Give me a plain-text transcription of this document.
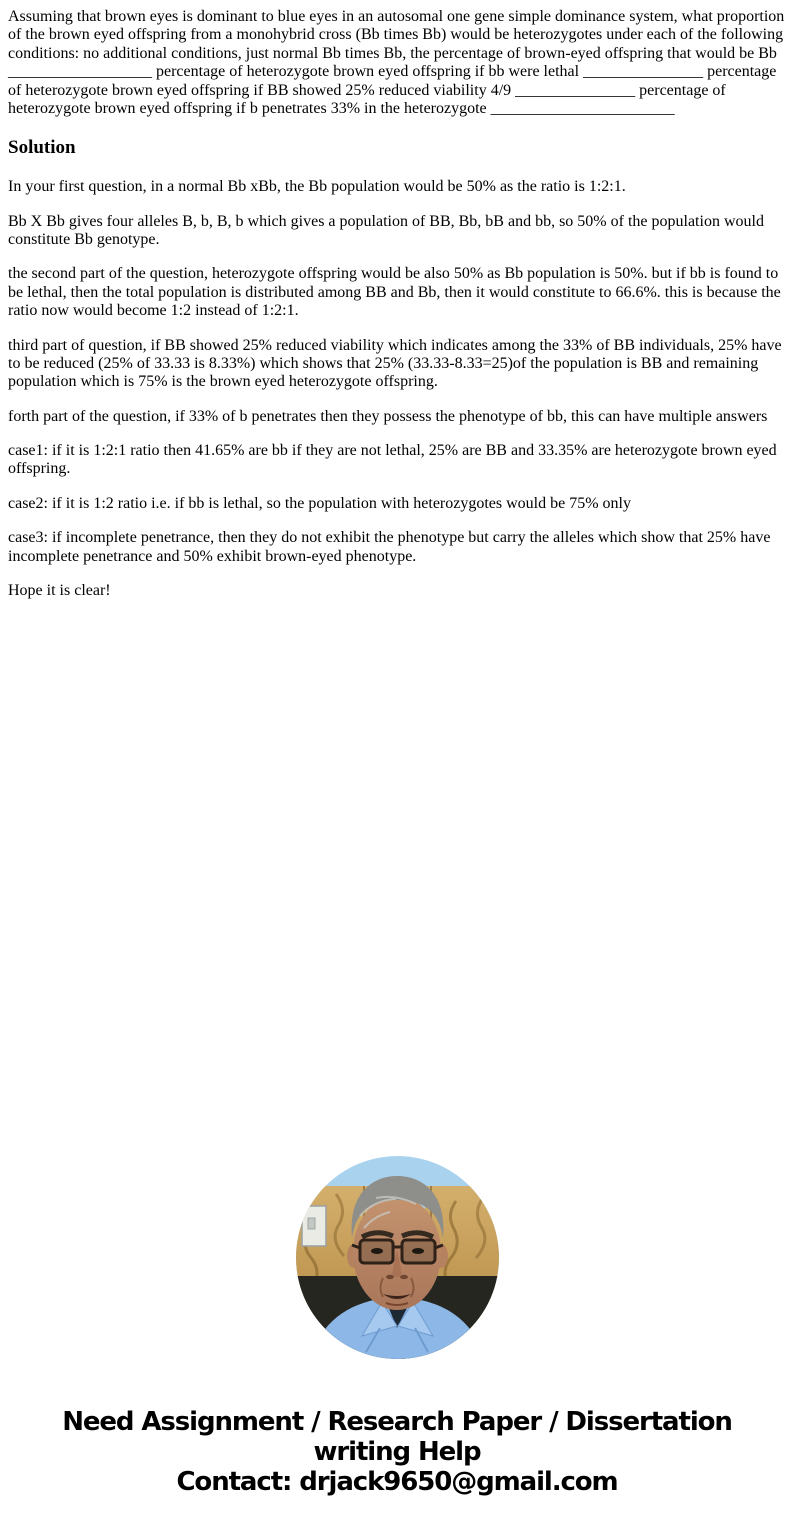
Assuming that brown eyes is dominant to blue eyes in an autosomal one gene simple dominance system, what proportion of the brown eyed offspring from a monohybrid cross (Bb times Bb) would be heterozygotes under each of the following conditions: no additional conditions, just normal Bb times Bb, the percentage of brown-eyed offspring that would be Bb __________________ percentage of heterozygote brown eyed offspring if bb were lethal _______________ percentage of heterozygote brown eyed offspring if BB showed 25% reduced viability 4/9 _______________ percentage of heterozygote brown eyed offspring if b penetrates 33% in the heterozygote _______________________

Solution

In your first question, in a normal Bb xBb, the Bb population would be 50% as the ratio is 1:2:1.

Bb X Bb gives four alleles B, b, B, b which gives a population of BB, Bb, bB and bb, so 50% of the population would constitute Bb genotype.

the second part of the question, heterozygote offspring would be also 50% as Bb population is 50%. but if bb is found to be lethal, then the total population is distributed among BB and Bb, then it would constitute to 66.6%. this is because the ratio now would become 1:2 instead of 1:2:1.

third part of question, if BB showed 25% reduced viability which indicates among the 33% of BB individuals, 25% have to be reduced (25% of 33.33 is 8.33%) which shows that 25% (33.33-8.33=25)of the population is BB and remaining population which is 75% is the brown eyed heterozygote offspring.

forth part of the question, if 33% of b penetrates then they possess the phenotype of bb, this can have multiple answers

case1: if it is 1:2:1 ratio then 41.65% are bb if they are not lethal, 25% are BB and 33.35% are heterozygote brown eyed offspring.

case2: if it is 1:2 ratio i.e. if bb is lethal, so the population with heterozygotes would be 75% only

case3: if incomplete penetrance, then they do not exhibit the phenotype but carry the alleles which show that 25% have incomplete penetrance and 50% exhibit brown-eyed phenotype.

Hope it is clear!

Need Assignment / Research Paper / Dissertation
writing Help
Contact: drjack9650@gmail.com
